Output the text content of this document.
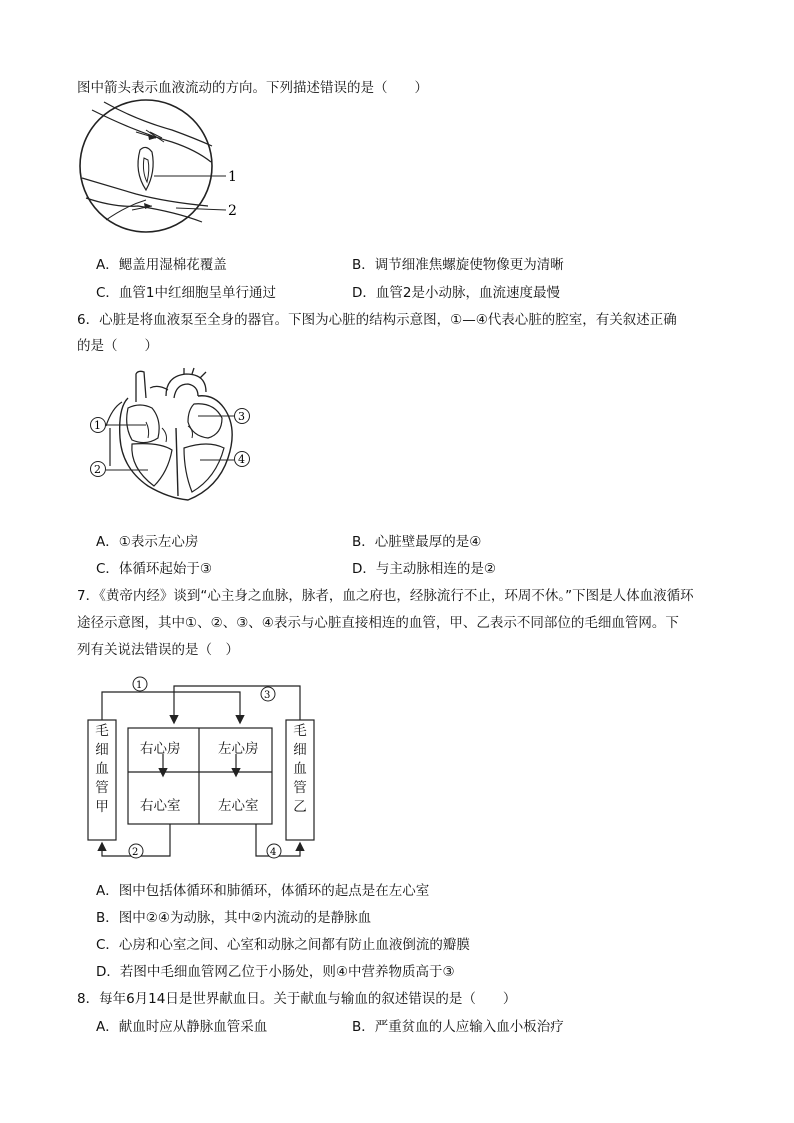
图中箭头表示血液流动的方向。下列描述错误的是（　　）
1
2
A．鳃盖用湿棉花覆盖	B．调节细准焦螺旋使物像更为清晰
C．血管1中红细胞呈单行通过	D．血管2是小动脉，血流速度最慢
6．心脏是将血液泵至全身的器官。下图为心脏的结构示意图，①—④代表心脏的腔室，有关叙述正确
的是（　　）
1
2
3
4
A．①表示左心房	B．心脏壁最厚的是④
C．体循环起始于③	D．与主动脉相连的是②
7．《黄帝内经》谈到“心主身之血脉，脉者，血之府也，经脉流行不止，环周不休。”下图是人体血液循环
途径示意图，其中①、②、③、④表示与心脏直接相连的血管，甲、乙表示不同部位的毛细血管网。下
列有关说法错误的是（　）
1
3
2	4
毛
细
血
管
甲
毛
细
血
管
乙
右心房	左心房
右心室	左心室
A．图中包括体循环和肺循环，体循环的起点是在左心室
B．图中②④为动脉，其中②内流动的是静脉血
C．心房和心室之间、心室和动脉之间都有防止血液倒流的瓣膜
D．若图中毛细血管网乙位于小肠处，则④中营养物质高于③
8．每年6月14日是世界献血日。关于献血与输血的叙述错误的是（　　）
A．献血时应从静脉血管采血	B．严重贫血的人应输入血小板治疗
